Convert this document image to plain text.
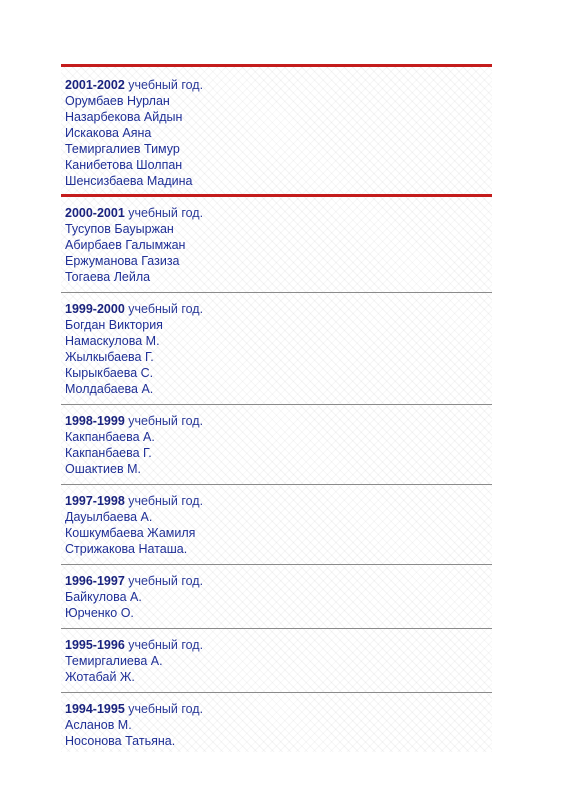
2001-2002 учебный год.
Орумбаев Нурлан
Назарбекова Айдын
Искакова Аяна
Темиргалиев Тимур
Канибетова Шолпан
Шенсизбаева Мадина
2000-2001 учебный год.
Тусупов Бауыржан
Абирбаев Галымжан
Ержуманова Газиза
Тогаева Лейла
1999-2000 учебный год.
Богдан Виктория
Намаскулова М.
Жылкыбаева Г.
Кырыкбаева С.
Молдабаева А.
1998-1999 учебный год.
Какпанбаева А.
Какпанбаева Г.
Ошактиев М.
1997-1998 учебный год.
Дауылбаева А.
Кошкумбаева Жамиля
Стрижакова Наташа.
1996-1997 учебный год.
Байкулова А.
Юрченко О.
1995-1996 учебный год.
Темиргалиева А.
Жотабай Ж.
1994-1995 учебный год.
Асланов М.
Носонова Татьяна.
